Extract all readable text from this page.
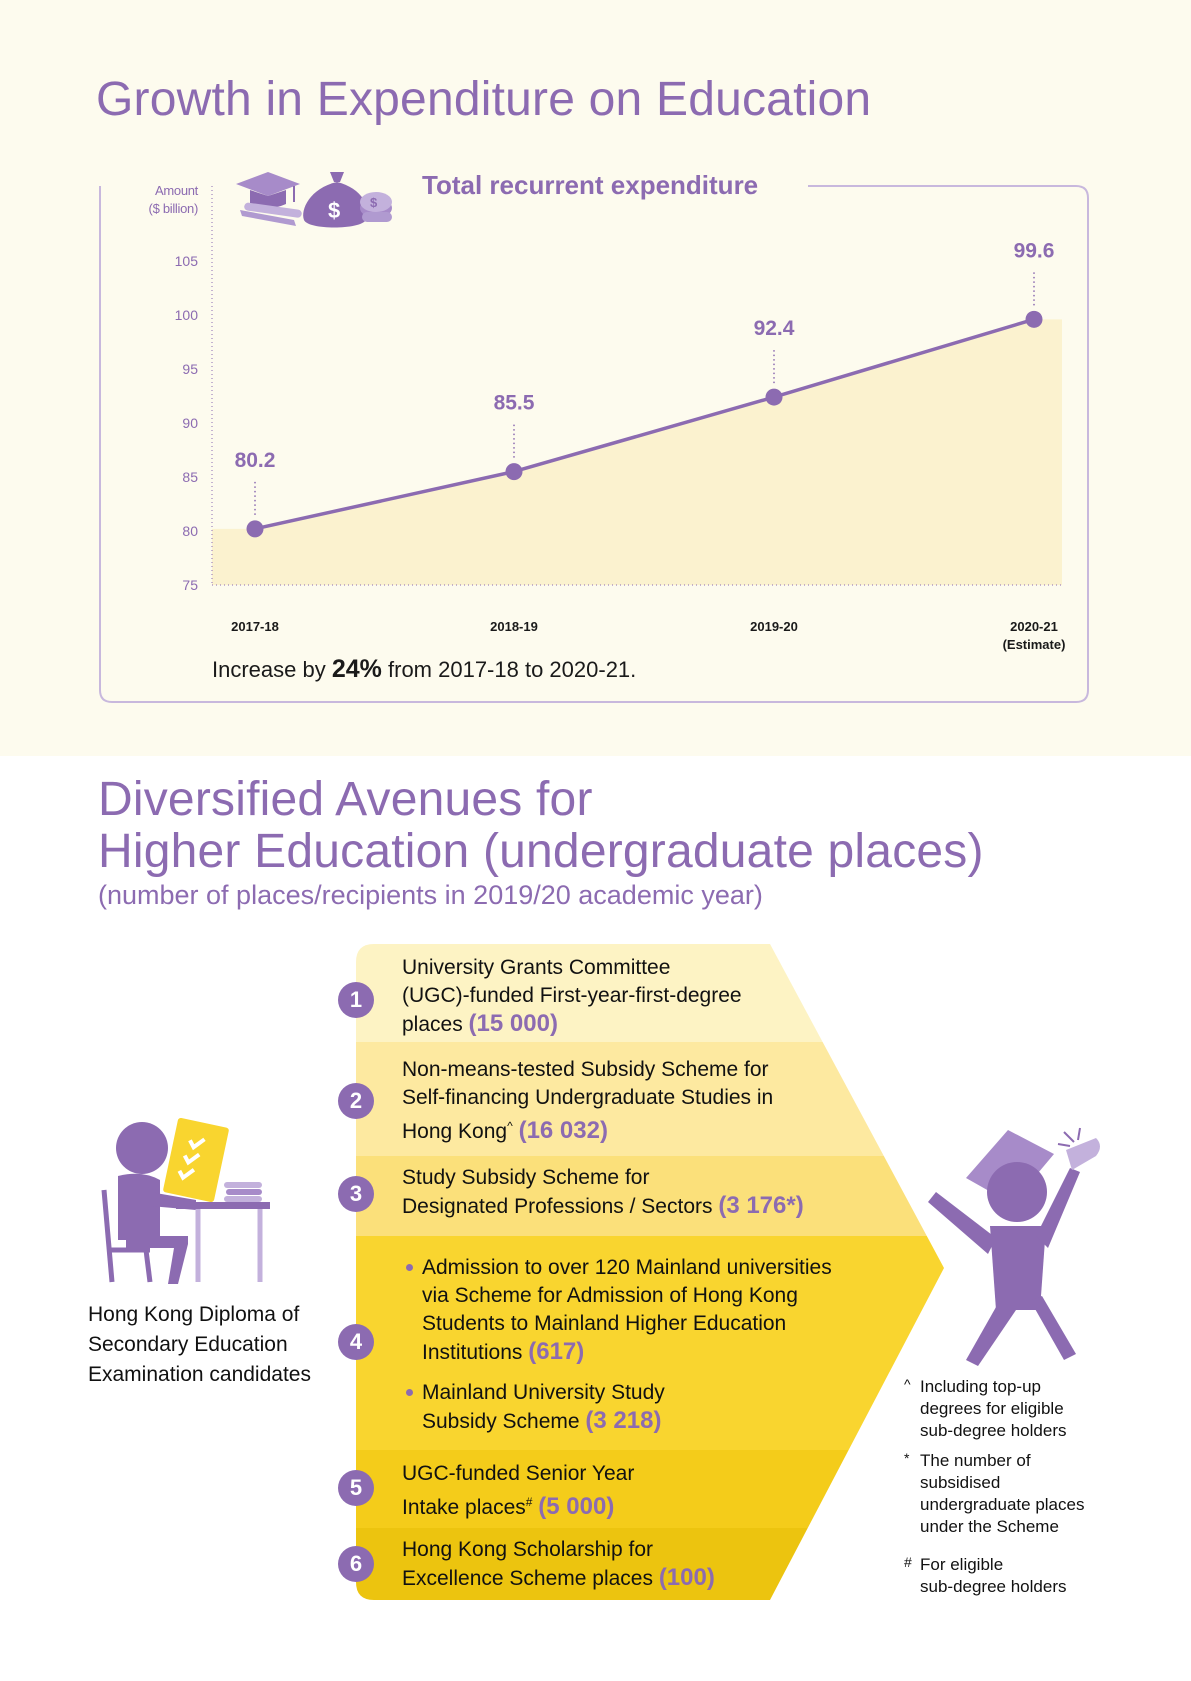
Growth in Expenditure on Education
75
80
85
90
95
100
105
80.2
85.5
92.4
99.6
2017-18	2018-19	2019-20	2020-21
(Estimate)
$ $
Total recurrent expenditure
Amount
($ billion)
Increase by 24% from 2017-18 to 2020-21.
Diversified Avenues for
Higher Education (undergraduate places)
(number of places/recipients in 2019/20 academic year)
1
2
3
4
5
6
University Grants Committee
(UGC)-funded First-year-first-degree
places (15 000)
Non-means-tested Subsidy Scheme for
Self-financing Undergraduate Studies in
Hong Kong^ (16 032)
Study Subsidy Scheme for
Designated Professions / Sectors (3 176*)
Admission to over 120 Mainland universities
via Scheme for Admission of Hong Kong
Students to Mainland Higher Education
Institutions (617)
Mainland University Study
Subsidy Scheme (3 218)
UGC-funded Senior Year
Intake places# (5 000)
Hong Kong Scholarship for
Excellence Scheme places (100)
Hong Kong Diploma of
Secondary Education
Examination candidates	^ Including top-up
degrees for eligible
sub-degree holders
* The number of
subsidised
undergraduate places
under the Scheme
# For eligible
sub-degree holders
